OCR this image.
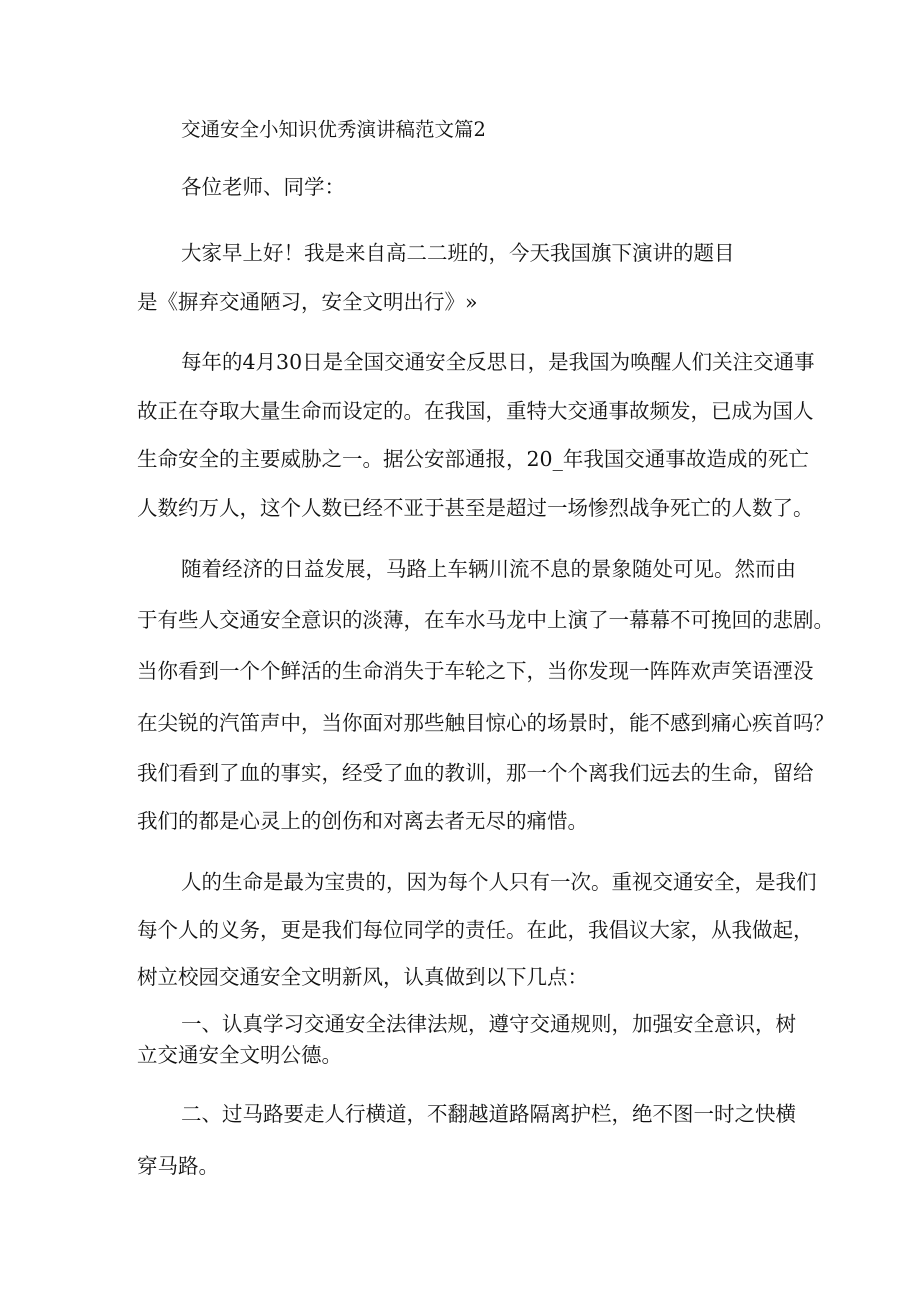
交通安全小知识优秀演讲稿范文篇2
各位老师、同学：
大家早上好！我是来自高二二班的，今天我国旗下演讲的题目
是《摒弃交通陋习，安全文明出行》»
每年的4月30日是全国交通安全反思日，是我国为唤醒人们关注交通事
故正在夺取大量生命而设定的。在我国，重特大交通事故频发，已成为国人
生命安全的主要威胁之一。据公安部通报，20_年我国交通事故造成的死亡
人数约万人，这个人数已经不亚于甚至是超过一场惨烈战争死亡的人数了。
随着经济的日益发展，马路上车辆川流不息的景象随处可见。然而由
于有些人交通安全意识的淡薄，在车水马龙中上演了一幕幕不可挽回的悲剧。
当你看到一个个鲜活的生命消失于车轮之下，当你发现一阵阵欢声笑语湮没
在尖锐的汽笛声中，当你面对那些触目惊心的场景时，能不感到痛心疾首吗？
我们看到了血的事实，经受了血的教训，那一个个离我们远去的生命，留给
我们的都是心灵上的创伤和对离去者无尽的痛惜。
人的生命是最为宝贵的，因为每个人只有一次。重视交通安全，是我们
每个人的义务，更是我们每位同学的责任。在此，我倡议大家，从我做起，
树立校园交通安全文明新风，认真做到以下几点：
一、认真学习交通安全法律法规，遵守交通规则，加强安全意识，树
立交通安全文明公德。
二、过马路要走人行横道，不翻越道路隔离护栏，绝不图一时之快横
穿马路。
